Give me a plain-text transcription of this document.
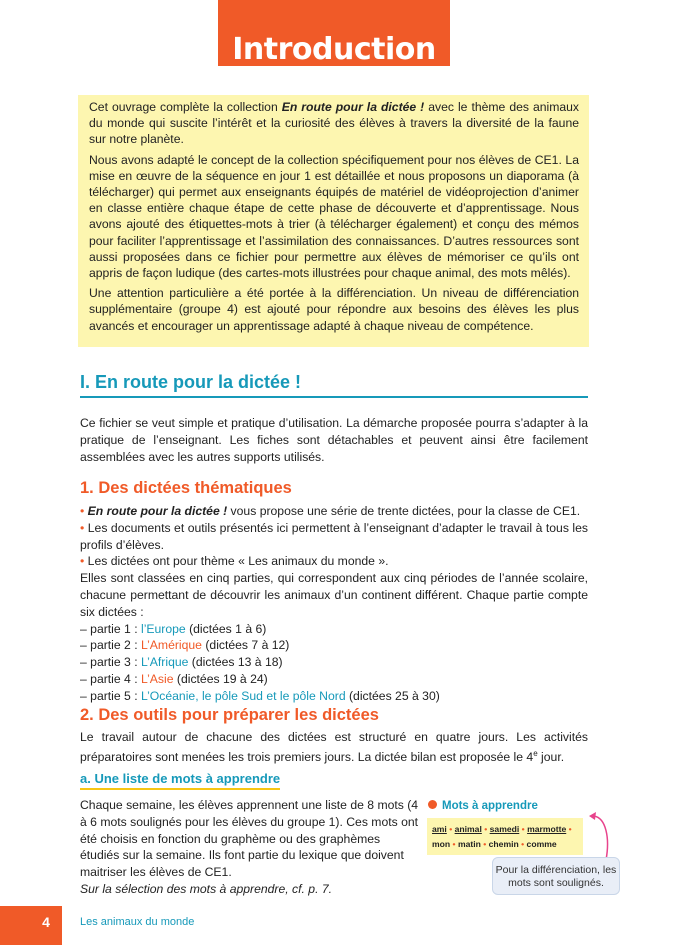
Introduction

Cet ouvrage complète la collection En route pour la dictée ! avec le thème des animaux du monde qui suscite l’intérêt et la curiosité des élèves à travers la diversité de la faune sur notre planète.

Nous avons adapté le concept de la collection spécifiquement pour nos élèves de CE1. La mise en œuvre de la séquence en jour 1 est détaillée et nous proposons un diaporama (à télécharger) qui permet aux enseignants équipés de matériel de vidéoprojection d’animer en classe entière chaque étape de cette phase de découverte et d’apprentissage. Nous avons ajouté des étiquettes-mots à trier (à télécharger également) et conçu des mémos pour faciliter l’apprentissage et l’assimilation des connaissances. D’autres ressources sont aussi proposées dans ce fichier pour permettre aux élèves de mémoriser ce qu’ils ont appris de façon ludique (des cartes-mots illustrées pour chaque animal, des mots mêlés).

Une attention particulière a été portée à la différenciation. Un niveau de différenciation supplémentaire (groupe 4) est ajouté pour répondre aux besoins des élèves les plus avancés et encourager un apprentissage adapté à chaque niveau de compétence.

I. En route pour la dictée !

Ce fichier se veut simple et pratique d’utilisation. La démarche proposée pourra s’adapter à la pratique de l’enseignant. Les fiches sont détachables et peuvent ainsi être facilement assemblées avec les autres supports utilisés.

1. Des dictées thématiques
• En route pour la dictée ! vous propose une série de trente dictées, pour la classe de CE1.
• Les documents et outils présentés ici permettent à l’enseignant d’adapter le travail à tous les profils d’élèves.
• Les dictées ont pour thème « Les animaux du monde ».
Elles sont classées en cinq parties, qui correspondent aux cinq périodes de l’année scolaire, chacune permettant de découvrir les animaux d’un continent différent. Chaque partie compte six dictées :
– partie 1 : l’Europe (dictées 1 à 6)
– partie 2 : L’Amérique (dictées 7 à 12)
– partie 3 : L’Afrique (dictées 13 à 18)
– partie 4 : L’Asie (dictées 19 à 24)
– partie 5 : L’Océanie, le pôle Sud et le pôle Nord (dictées 25 à 30)
2. Des outils pour préparer les dictées

Le travail autour de chacune des dictées est structuré en quatre jours. Les activités préparatoires sont menées les trois premiers jours. La dictée bilan est proposée le 4e jour.

a. Une liste de mots à apprendre
Chaque semaine, les élèves apprennent une liste de 8 mots (4 à 6 mots soulignés pour les élèves du groupe 1). Ces mots ont été choisis en fonction du graphème ou des graphèmes étudiés sur la semaine. Ils font partie du lexique que doivent maitriser les élèves de CE1.
Sur la sélection des mots à apprendre, cf. p. 7.
Mots à apprendre
ami • animal • samedi • marmotte •
mon • matin • chemin • comme
Pour la différenciation, les mots sont soulignés.
4	Les animaux du monde
